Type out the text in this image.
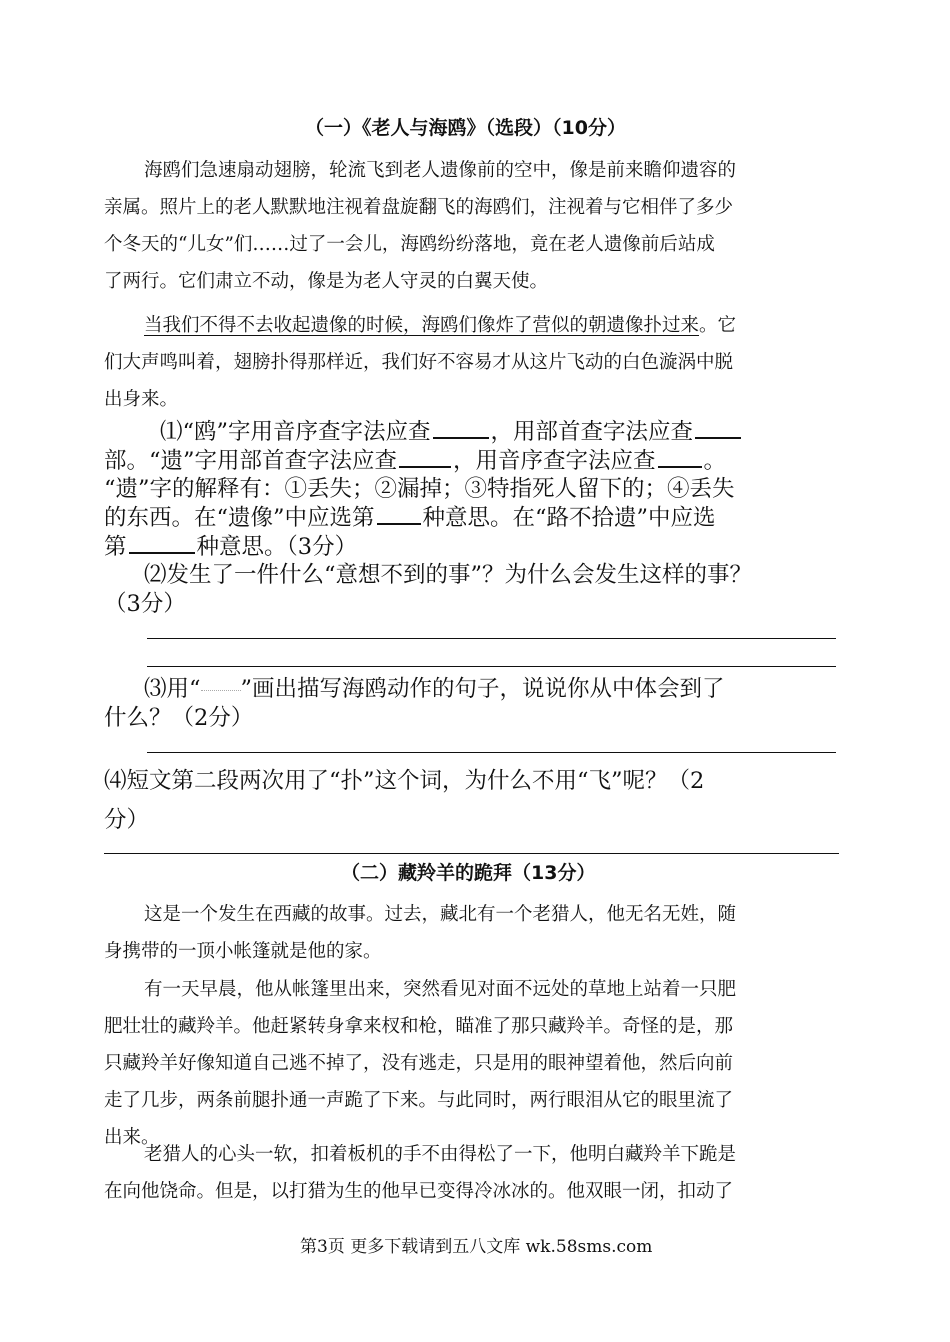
（一）《老人与海鸥》（选段）（10分）
海鸥们急速扇动翅膀，轮流飞到老人遗像前的空中，像是前来瞻仰遗容的
亲属。照片上的老人默默地注视着盘旋翻飞的海鸥们，注视着与它相伴了多少
个冬天的“儿女”们……过了一会儿，海鸥纷纷落地，竟在老人遗像前后站成
了两行。它们肃立不动，像是为老人守灵的白翼天使。
当我们不得不去收起遗像的时候，海鸥们像炸了营似的朝遗像扑过来。它
们大声鸣叫着，翅膀扑得那样近，我们好不容易才从这片飞动的白色漩涡中脱
出身来。
⑴“鸥”字用音序查字法应查	，用部首查字法应查
部。“遗”字用部首查字法应查 ，用音序查字法应查 。
“遗”字的解释有：①丢失；②漏掉；③特指死人留下的；④丢失
的东西。在“遗像”中应选第 种意思。在“路不拾遗”中应选
第	种意思。（3分）
⑵发生了一件什么“意想不到的事”？为什么会发生这样的事？
（3分）
⑶用“ ”画出描写海鸥动作的句子，说说你从中体会到了
什么？（2分）
⑷短文第二段两次用了“扑”这个词，为什么不用“飞”呢？（2
分）
（二）藏羚羊的跪拜（13分）
这是一个发生在西藏的故事。过去，藏北有一个老猎人，他无名无姓，随
身携带的一顶小帐篷就是他的家。
有一天早晨，他从帐篷里出来，突然看见对面不远处的草地上站着一只肥
肥壮壮的藏羚羊。他赶紧转身拿来杈和枪，瞄准了那只藏羚羊。奇怪的是，那
只藏羚羊好像知道自己逃不掉了，没有逃走，只是用的眼神望着他，然后向前
走了几步，两条前腿扑通一声跪了下来。与此同时，两行眼泪从它的眼里流了
出来。
老猎人的心头一软，扣着板机的手不由得松了一下，他明白藏羚羊下跪是
在向他饶命。但是，以打猎为生的他早已变得冷冰冰的。他双眼一闭，扣动了
第3页 更多下载请到五八文库 wk.58sms.com
